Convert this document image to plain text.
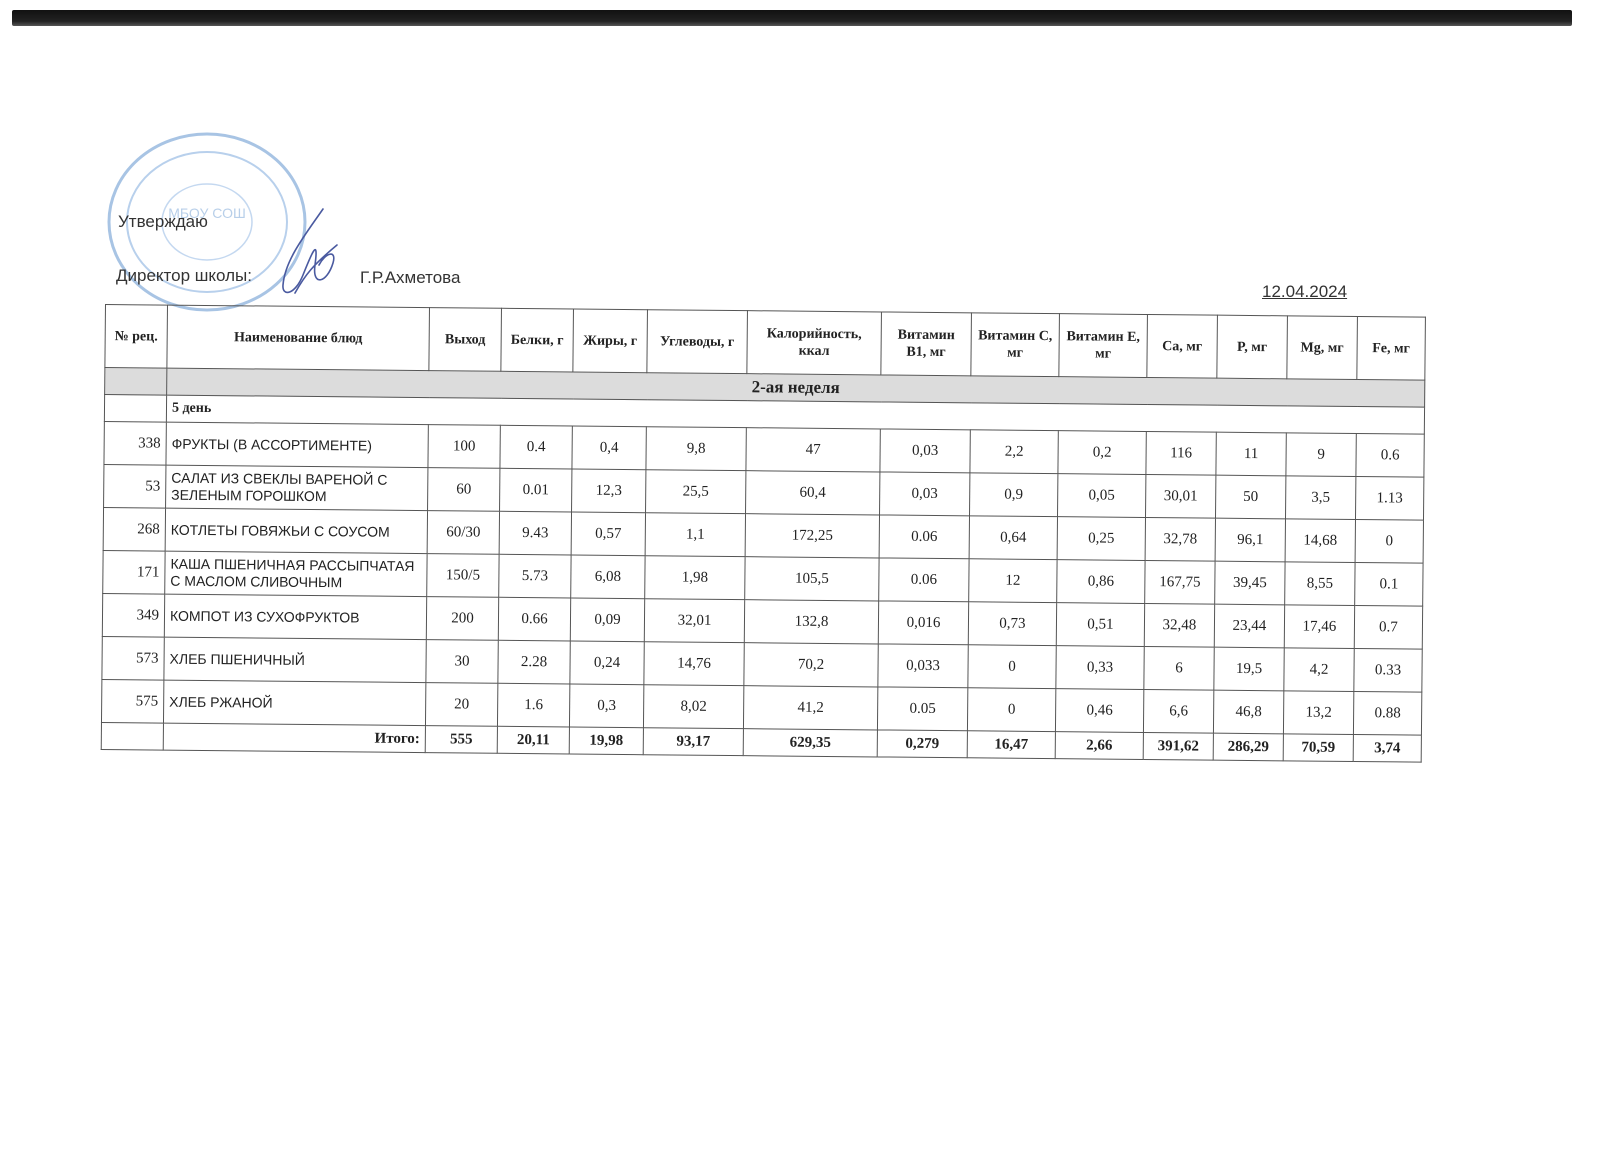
МБОУ СОШ
Утверждаю
Директор школы:	Г.Р.Ахметова
12.04.2024
№ рец.	Наименование блюд	Выход	Белки, г	Жиры, г	Углеводы, г	Калорийность, ккал	Витамин B1, мг	Витамин C, мг	Витамин E, мг	Ca, мг	P, мг	Mg, мг	Fe, мг
	2-ая неделя												
	5 день												
338	ФРУКТЫ (В АССОРТИМЕНТЕ)	100	0.4	0,4	9,8	47	0,03	2,2	0,2	116	11	9	0.6
53	САЛАТ ИЗ СВЕКЛЫ ВАРЕНОЙ С ЗЕЛЕНЫМ ГОРОШКОМ	60	0.01	12,3	25,5	60,4	0,03	0,9	0,05	30,01	50	3,5	1.13
268	КОТЛЕТЫ ГОВЯЖЬИ С СОУСОМ	60/30	9.43	0,57	1,1	172,25	0.06	0,64	0,25	32,78	96,1	14,68	0
171	КАША ПШЕНИЧНАЯ РАССЫПЧАТАЯ С МАСЛОМ СЛИВОЧНЫМ	150/5	5.73	6,08	1,98	105,5	0.06	12	0,86	167,75	39,45	8,55	0.1
349	КОМПОТ ИЗ СУХОФРУКТОВ	200	0.66	0,09	32,01	132,8	0,016	0,73	0,51	32,48	23,44	17,46	0.7
573	ХЛЕБ ПШЕНИЧНЫЙ	30	2.28	0,24	14,76	70,2	0,033	0	0,33	6	19,5	4,2	0.33
575	ХЛЕБ РЖАНОЙ	20	1.6	0,3	8,02	41,2	0.05	0	0,46	6,6	46,8	13,2	0.88
	Итого:	555	20,11	19,98	93,17	629,35	0,279	16,47	2,66	391,62	286,29	70,59	3,74
